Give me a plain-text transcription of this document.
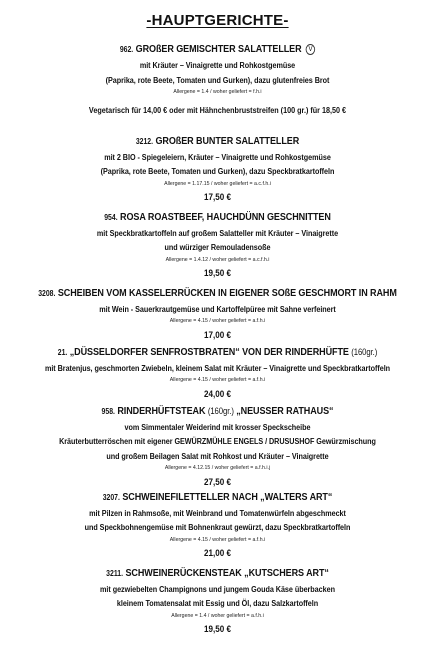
-HAUPTGERICHTE-
962. GROßER GEMISCHTER SALATTELLER V
mit Kräuter – Vinaigrette und Rohkostgemüse
(Paprika, rote Beete, Tomaten und Gurken), dazu glutenfreies Brot
Allergene = 1.4 / woher geliefert = f.h.i
Vegetarisch für 14,00 € oder mit Hähnchenbruststreifen (100 gr.) für 18,50 €
3212. GROßER BUNTER SALATTELLER
mit 2 BIO - Spiegeleiern, Kräuter – Vinaigrette und Rohkostgemüse
(Paprika, rote Beete, Tomaten und Gurken), dazu Speckbratkartoffeln
Allergene = 1.17.15 / woher geliefert = a.c.f.h.i
17,50 €
954. ROSA ROASTBEEF, HAUCHDÜNN GESCHNITTEN
mit Speckbratkartoffeln auf großem Salatteller mit Kräuter – Vinaigrette
und würziger Remouladensoße
Allergene = 1.4.12 / woher geliefert = a.c.f.h.i
19,50 €
3208. SCHEIBEN VOM KASSELERRÜCKEN IN EIGENER SOßE GESCHMORT IN RAHM
mit Wein - Sauerkrautgemüse und Kartoffelpüree mit Sahne verfeinert
Allergene = 4.15 / woher geliefert = a.f.h.i
17,00 €
21. „DÜSSELDORFER SENFROSTBRATEN“ VON DER RINDERHÜFTE (160gr.)
mit Bratenjus, geschmorten Zwiebeln, kleinem Salat mit Kräuter – Vinaigrette und Speckbratkartoffeln
Allergene = 4.15 / woher geliefert = a.f.h.i
24,00 €
958. RINDERHÜFTSTEAK (160gr.) „NEUSSER RATHAUS“
vom Simmentaler Weiderind mit krosser Speckscheibe
Kräuterbutterröschen mit eigener GEWÜRZMÜHLE ENGELS / DRUSUSHOF Gewürzmischung
und großem Beilagen Salat mit Rohkost und Kräuter – Vinaigrette
Allergene = 4.12.15 / woher geliefert = a.f.h.i.j
27,50 €
3207. SCHWEINEFILETTELLER NACH „WALTERS ART“
mit Pilzen in Rahmsoße, mit Weinbrand und Tomatenwürfeln abgeschmeckt
und Speckbohnengemüse mit Bohnenkraut gewürzt, dazu Speckbratkartoffeln
Allergene = 4.15 / woher geliefert = a.f.h.i
21,00 €
3211. SCHWEINERÜCKENSTEAK „KUTSCHERS ART“
mit gezwiebelten Champignons und jungem Gouda Käse überbacken
kleinem Tomatensalat mit Essig und Öl, dazu Salzkartoffeln
Allergene = 1.4 / woher geliefert = a.f.h.i
19,50 €
